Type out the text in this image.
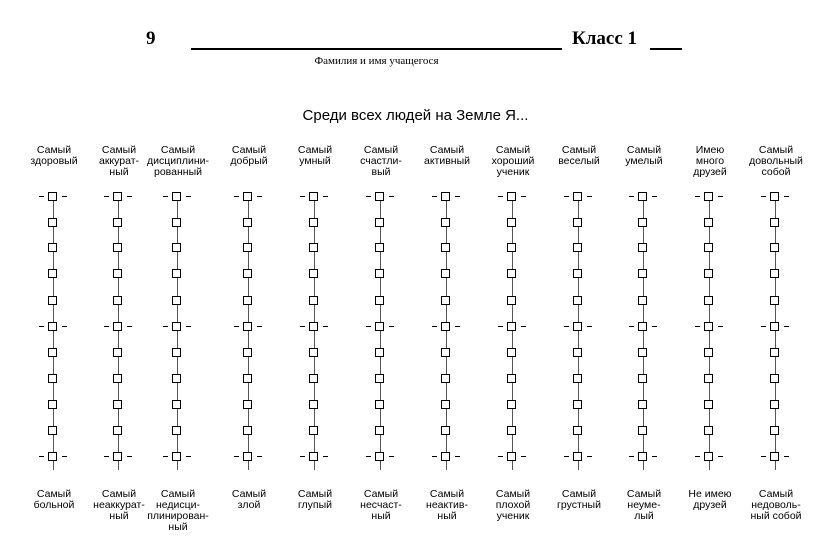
9	Класс 1
Фамилия и имя учащегося
Среди всех людей на Земле Я...
Самый
здоровый
Самый
больной
Самый
аккурат-
ный
Самый
неаккурат-
ный
Самый
дисциплини-
рованный
Самый
недисци-
плинирован-
ный
Самый
добрый
Самый
злой
Самый
умный
Самый
глупый
Самый
счастли-
вый
Самый
несчаст-
ный
Самый
активный
Самый
неактив-
ный
Самый
хороший
ученик
Самый
плохой
ученик
Самый
веселый
Самый
грустный
Самый
умелый
Самый
неуме-
лый
Имею
много
друзей
Не имею
друзей
Самый
довольный
собой
Самый
недоволь-
ный собой
